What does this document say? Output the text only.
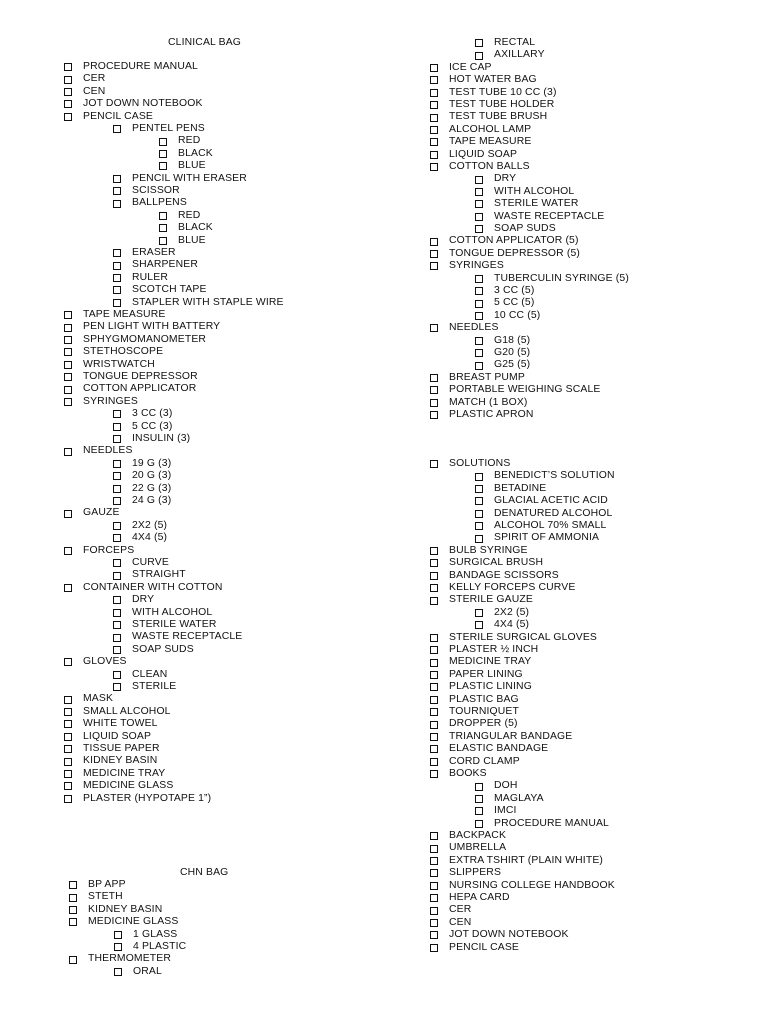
CLINICAL BAG
PROCEDURE MANUAL
CER
CEN
JOT DOWN NOTEBOOK
PENCIL CASE
PENTEL PENS
RED
BLACK
BLUE
PENCIL WITH ERASER
SCISSOR
BALLPENS
RED
BLACK
BLUE
ERASER
SHARPENER
RULER
SCOTCH TAPE
STAPLER WITH STAPLE WIRE
TAPE MEASURE
PEN LIGHT WITH BATTERY
SPHYGMOMANOMETER
STETHOSCOPE
WRISTWATCH
TONGUE DEPRESSOR
COTTON APPLICATOR
SYRINGES
3 CC (3)
5 CC (3)
INSULIN (3)
NEEDLES
19 G (3)
20 G (3)
22 G (3)
24 G (3)
GAUZE
2X2 (5)
4X4 (5)
FORCEPS
CURVE
STRAIGHT
CONTAINER WITH COTTON
DRY
WITH ALCOHOL
STERILE WATER
WASTE RECEPTACLE
SOAP SUDS
GLOVES
CLEAN
STERILE
MASK
SMALL ALCOHOL
WHITE TOWEL
LIQUID SOAP
TISSUE PAPER
KIDNEY BASIN
MEDICINE TRAY
MEDICINE GLASS
PLASTER (HYPOTAPE 1”)
CHN BAG
BP APP
STETH
KIDNEY BASIN
MEDICINE GLASS
1 GLASS
4 PLASTIC
THERMOMETER
ORAL
RECTAL
AXILLARY
ICE CAP
HOT WATER BAG
TEST TUBE 10 CC (3)
TEST TUBE HOLDER
TEST TUBE BRUSH
ALCOHOL LAMP
TAPE MEASURE
LIQUID SOAP
COTTON BALLS
DRY
WITH ALCOHOL
STERILE WATER
WASTE RECEPTACLE
SOAP SUDS
COTTON APPLICATOR (5)
TONGUE DEPRESSOR (5)
SYRINGES
TUBERCULIN SYRINGE (5)
3 CC (5)
5 CC (5)
10 CC (5)
NEEDLES
G18 (5)
G20 (5)
G25 (5)
BREAST PUMP
PORTABLE WEIGHING SCALE
MATCH (1 BOX)
PLASTIC APRON
SOLUTIONS
BENEDICT’S SOLUTION
BETADINE
GLACIAL ACETIC ACID
DENATURED ALCOHOL
ALCOHOL 70% SMALL
SPIRIT OF AMMONIA
BULB SYRINGE
SURGICAL BRUSH
BANDAGE SCISSORS
KELLY FORCEPS CURVE
STERILE GAUZE
2X2 (5)
4X4 (5)
STERILE SURGICAL GLOVES
PLASTER ½ INCH
MEDICINE TRAY
PAPER LINING
PLASTIC LINING
PLASTIC BAG
TOURNIQUET
DROPPER (5)
TRIANGULAR BANDAGE
ELASTIC BANDAGE
CORD CLAMP
BOOKS
DOH
MAGLAYA
IMCI
PROCEDURE MANUAL
BACKPACK
UMBRELLA
EXTRA TSHIRT (PLAIN WHITE)
SLIPPERS
NURSING COLLEGE HANDBOOK
HEPA CARD
CER
CEN
JOT DOWN NOTEBOOK
PENCIL CASE
